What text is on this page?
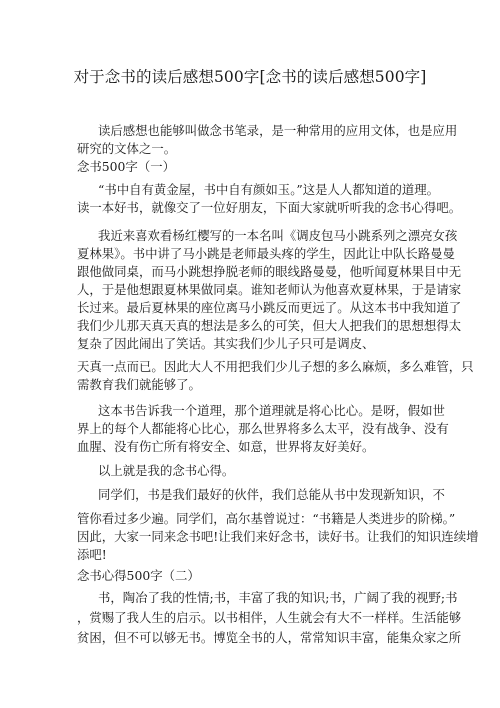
对于念书的读后感想500字[念书的读后感想500字]
读后感想也能够叫做念书笔录，是一种常用的应用文体，也是应用
研究的文体之一。
念书500字（一）
“书中自有黄金屋，书中自有颜如玉。”这是人人都知道的道理。
读一本好书，就像交了一位好朋友，下面大家就听听我的念书心得吧。
我近来喜欢看杨红樱写的一本名叫《调皮包马小跳系列之漂亮女孩
夏林果》。书中讲了马小跳是老师最头疼的学生，因此让中队长路曼曼
跟他做同桌，而马小跳想挣脱老师的眼线路曼曼，他听闻夏林果目中无
人，于是他想跟夏林果做同桌。谁知老师认为他喜欢夏林果，于是请家
长过来。最后夏林果的座位离马小跳反而更远了。从这本书中我知道了
我们少儿那天真天真的想法是多么的可笑，但大人把我们的思想想得太
复杂了因此闹出了笑话。其实我们少儿子只可是调皮、
天真一点而已。因此大人不用把我们少儿子想的多么麻烦，多么难管，只
需教育我们就能够了。
这本书告诉我一个道理，那个道理就是将心比心。是呀，假如世
界上的每个人都能将心比心，那么世界将多么太平，没有战争、没有
血腥、没有伤亡所有将安全、如意，世界将友好美好。
以上就是我的念书心得。
同学们，书是我们最好的伙伴，我们总能从书中发现新知识，不
管你看过多少遍。同学们，高尔基曾说过：“书籍是人类进步的阶梯。”
因此，大家一同来念书吧!让我们来好念书，读好书。让我们的知识连续增
添吧!
念书心得500字（二）
书，陶冶了我的性情;书，丰富了我的知识;书，广阔了我的视野;书
，赏赐了我人生的启示。以书相伴，人生就会有大不一样样。生活能够
贫困，但不可以够无书。博览全书的人，常常知识丰富，能集众家之所
